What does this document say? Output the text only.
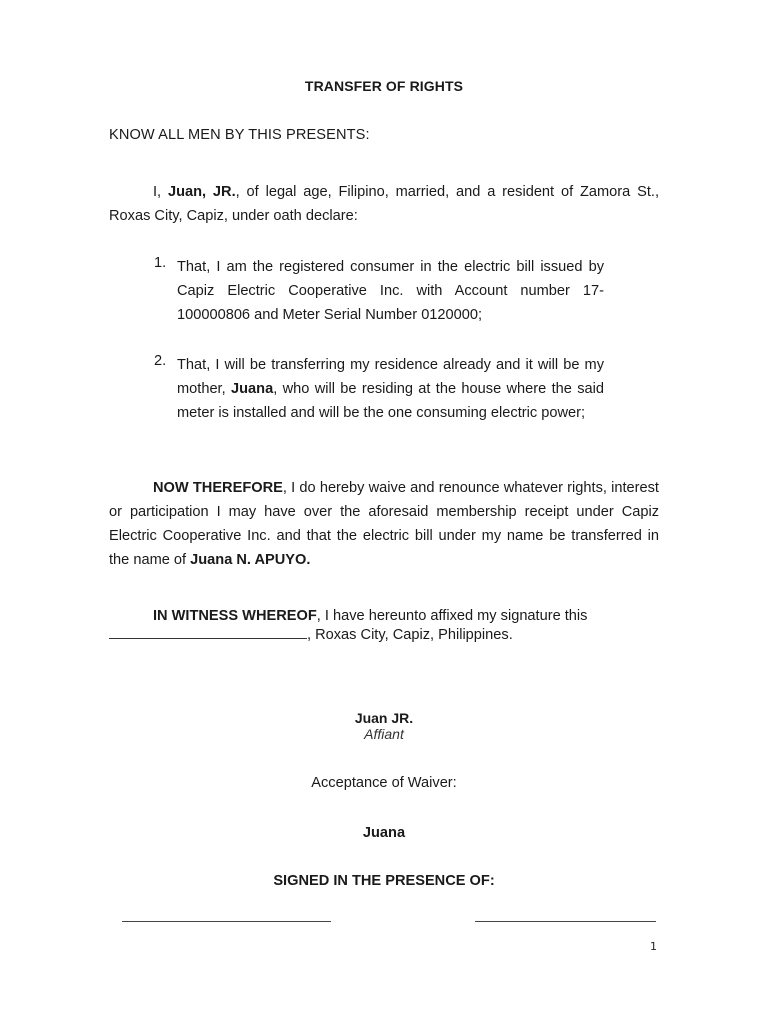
TRANSFER OF RIGHTS
KNOW ALL MEN BY THIS PRESENTS:
I, Juan, JR., of legal age, Filipino, married, and a resident of Zamora St., Roxas City, Capiz, under oath declare:
1. That, I am the registered consumer in the electric bill issued by Capiz Electric Cooperative Inc. with Account number 17-100000806 and Meter Serial Number 0120000;
2. That, I will be transferring my residence already and it will be my mother, Juana, who will be residing at the house where the said meter is installed and will be the one consuming electric power;
NOW THEREFORE, I do hereby waive and renounce whatever rights, interest or participation I may have over the aforesaid membership receipt under Capiz Electric Cooperative Inc. and that the electric bill under my name be transferred in the name of Juana N. APUYO.
IN WITNESS WHEREOF, I have hereunto affixed my signature this
, Roxas City, Capiz, Philippines.
Juan JR.
Affiant
Acceptance of Waiver:
Juana
SIGNED IN THE PRESENCE OF:
1
